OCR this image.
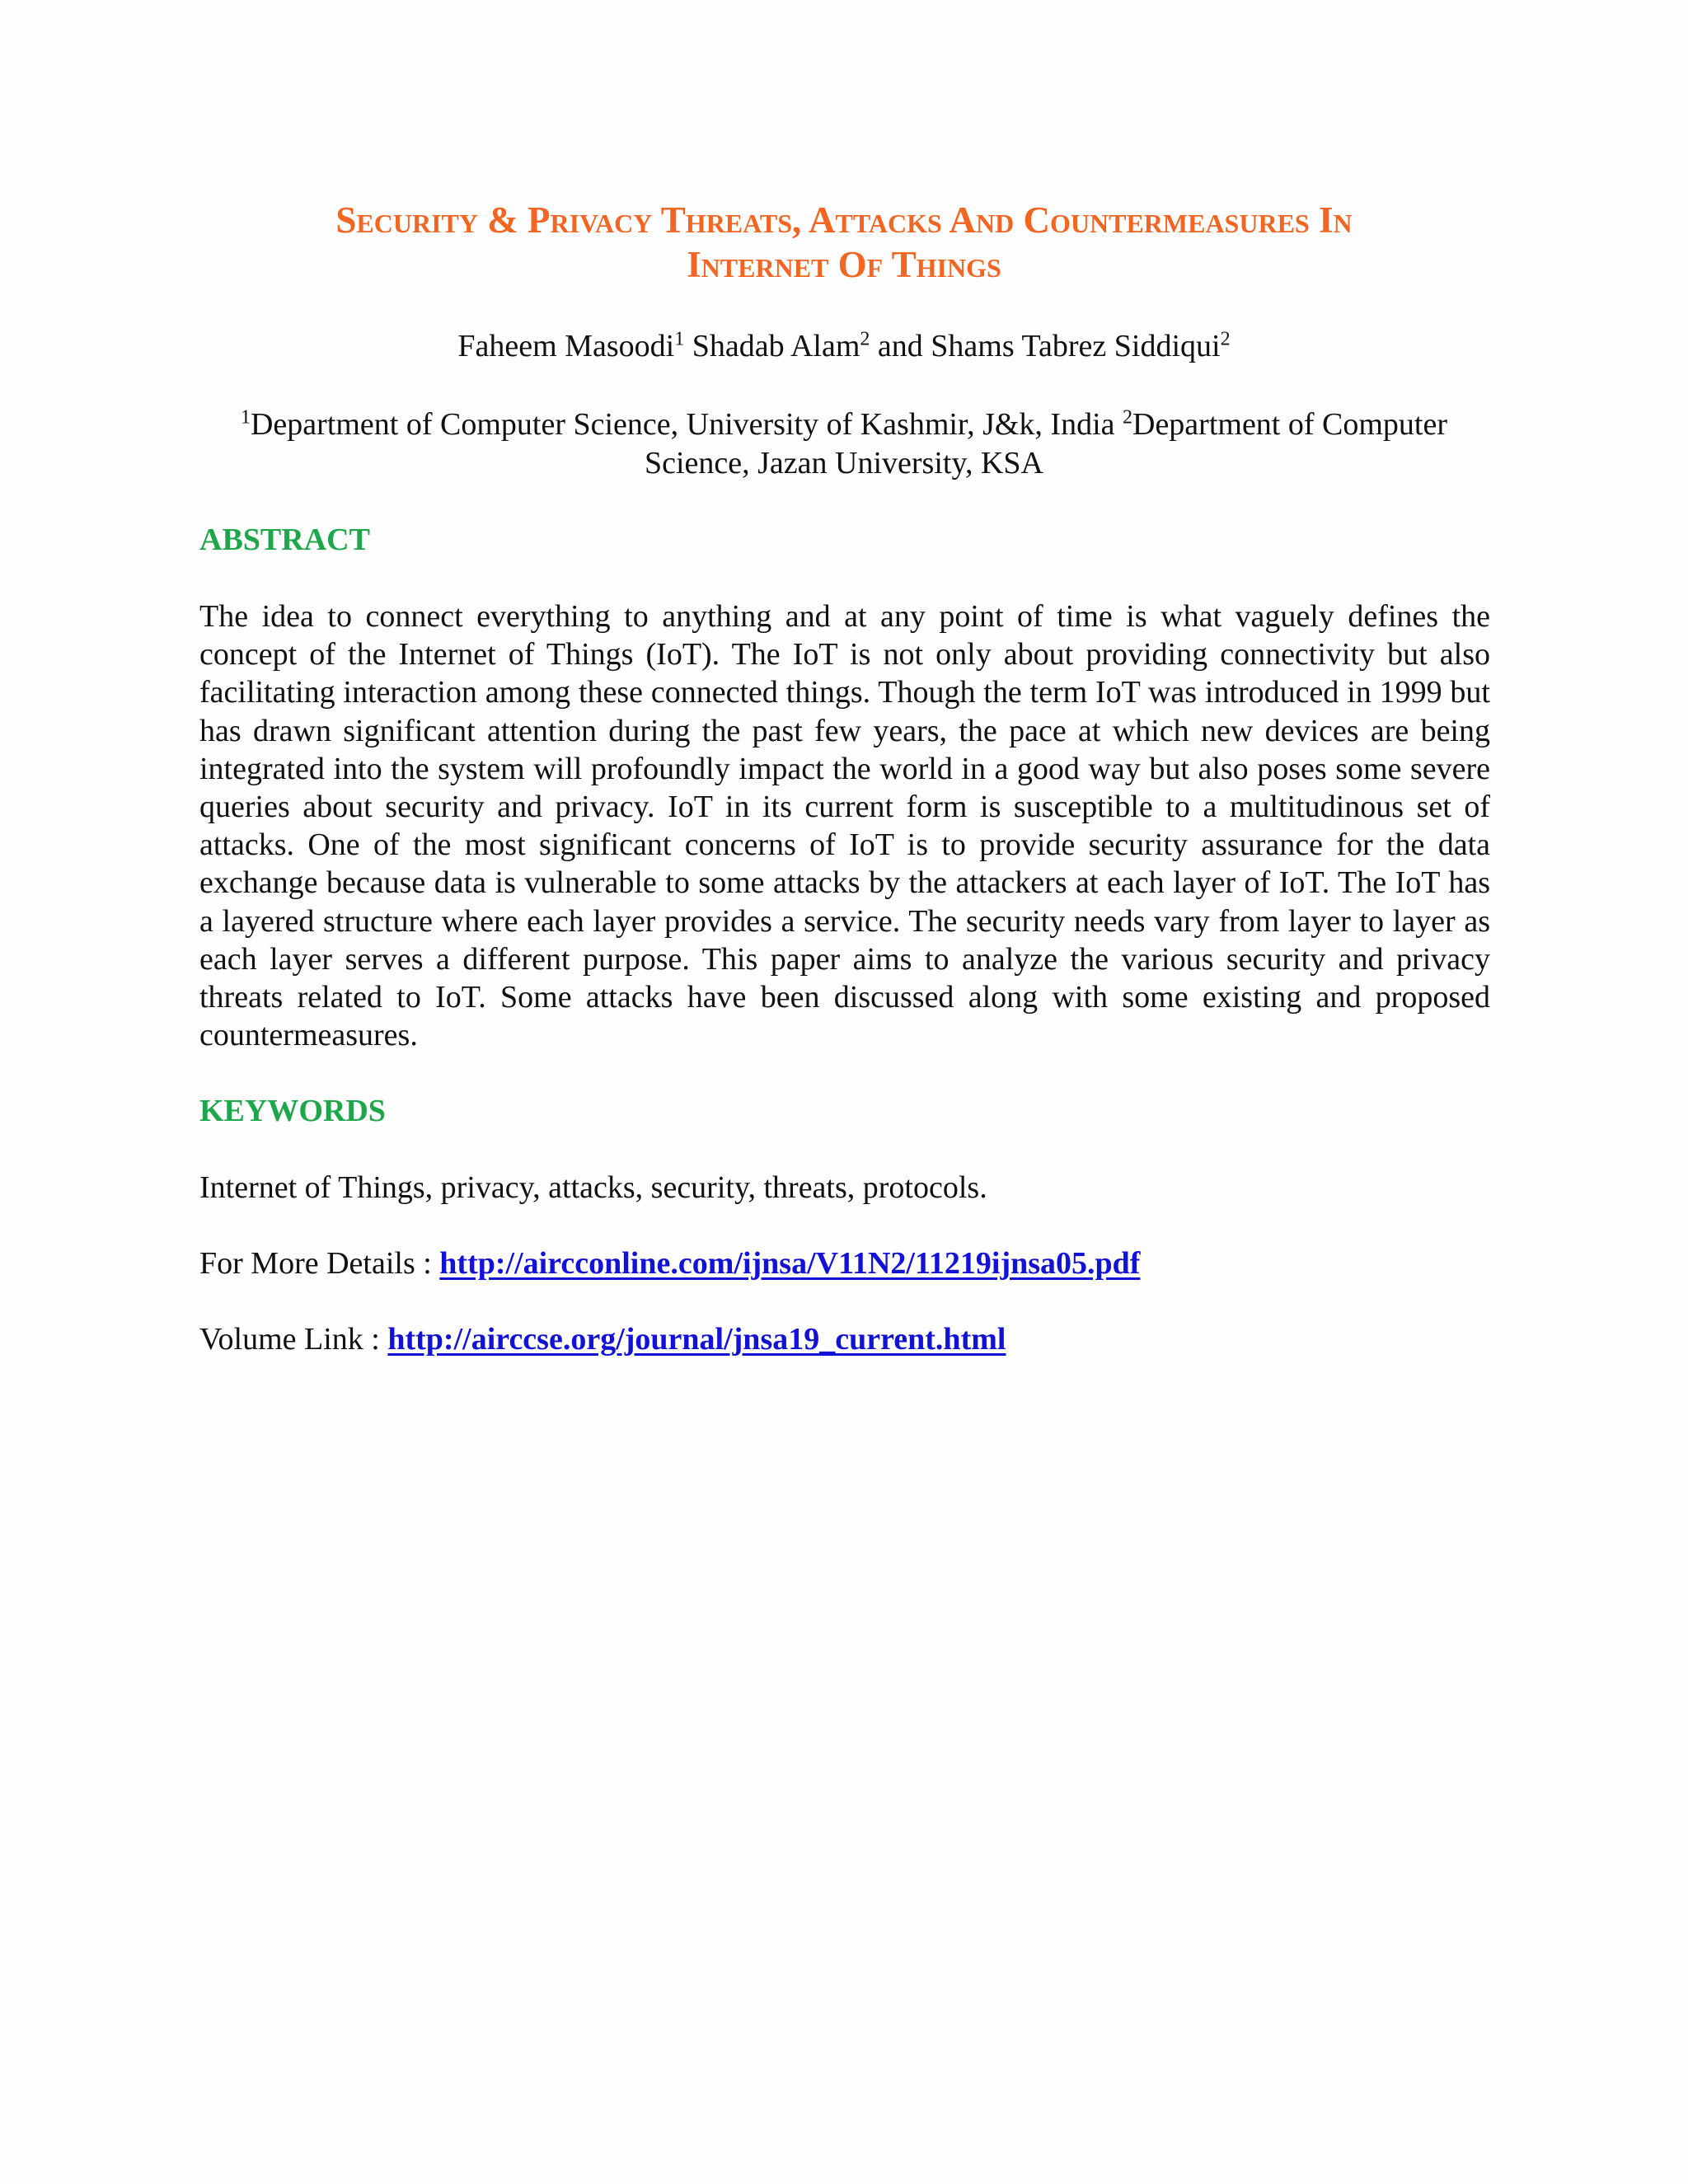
Security & Privacy Threats, Attacks And Countermeasures In
Internet Of Things
Faheem Masoodi$^1$ Shadab Alam$^2$ and Shams Tabrez Siddiqui$^2$
$^1$Department of Computer Science, University of Kashmir, J&k, India $^2$Department of Computer
Science, Jazan University, KSA
ABSTRACT

The idea to connect everything to anything and at any point of time is what vaguely defines the concept of the Internet of Things (IoT). The IoT is not only about providing connectivity but also facilitating interaction among these connected things. Though the term IoT was introduced in 1999 but has drawn significant attention during the past few years, the pace at which new devices are being integrated into the system will profoundly impact the world in a good way but also poses some severe queries about security and privacy. IoT in its current form is susceptible to a multitudinous set of attacks. One of the most significant concerns of IoT is to provide security assurance for the data exchange because data is vulnerable to some attacks by the attackers at each layer of IoT. The IoT has a layered structure where each layer provides a service. The security needs vary from layer to layer as each layer serves a different purpose. This paper aims to analyze the various security and privacy threats related to IoT. Some attacks have been discussed along with some existing and proposed countermeasures.

KEYWORDS

Internet of Things, privacy, attacks, security, threats, protocols.

For More Details : http://aircconline.com/ijnsa/V11N2/11219ijnsa05.pdf

Volume Link : http://airccse.org/journal/jnsa19_current.html
